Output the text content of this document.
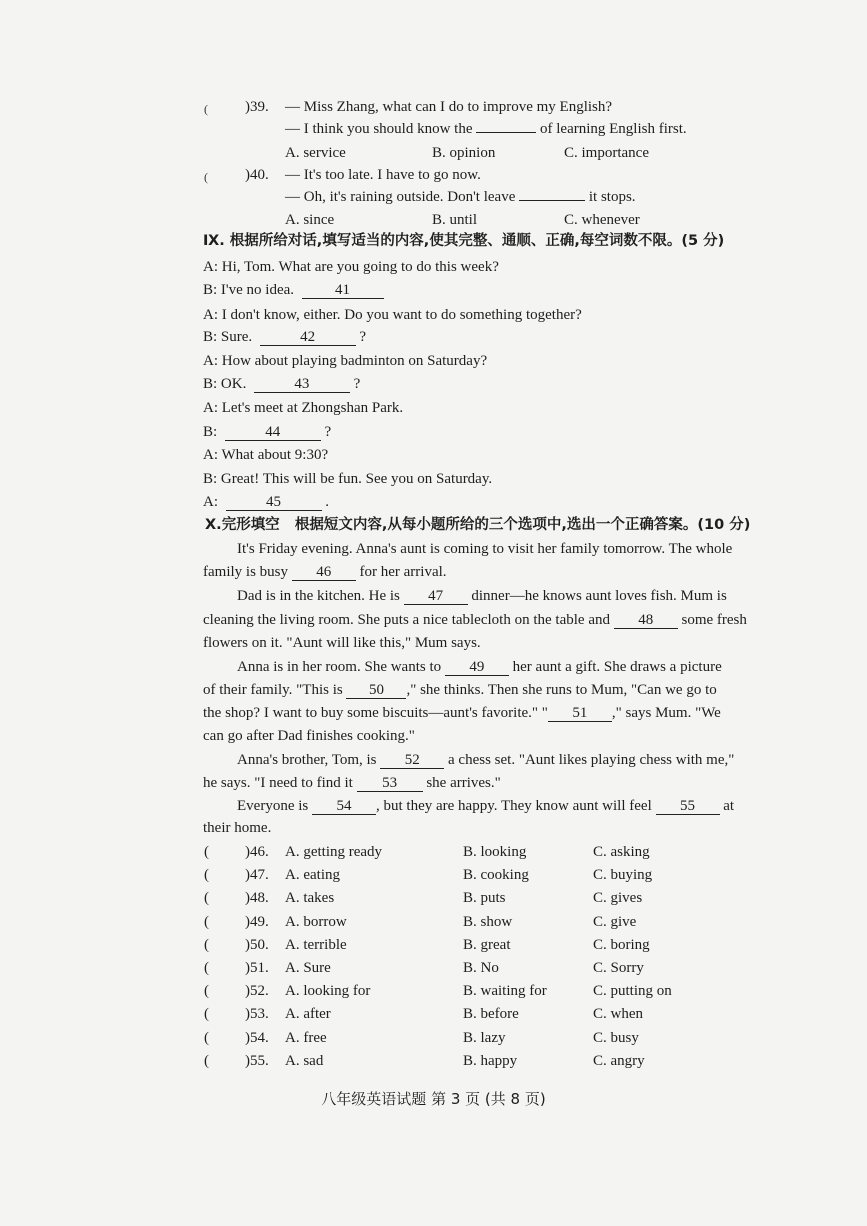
( )39. — Miss Zhang, what can I do to improve my English?
— I think you should know the	of learning English first.
A. service	B. opinion	C. importance
( )40. — It's too late. I have to go now.
— Oh, it's raining outside. Don't leave	it stops.
A. since	B. until	C. whenever
Ⅸ. 根据所给对话,填写适当的内容,使其完整、通顺、正确,每空词数不限。(5 分)
A: Hi, Tom. What are you going to do this week?
B: I've no idea.	41
A: I don't know, either. Do you want to do something together?
B: Sure.	42	?
A: How about playing badminton on Saturday?
B: OK.	43	?
A: Let's meet at Zhongshan Park.
B:	44	?
A: What about 9:30?
B: Great! This will be fun. See you on Saturday.
A:	45	.
X.完形填空 根据短文内容,从每小题所给的三个选项中,选出一个正确答案。(10 分)
It's Friday evening. Anna's aunt is coming to visit her family tomorrow. The whole
family is busy 46 for her arrival.
Dad is in the kitchen. He is 47 dinner—he knows aunt loves fish. Mum is
cleaning the living room. She puts a nice tablecloth on the table and 48 some fresh
flowers on it. "Aunt will like this," Mum says.
Anna is in her room. She wants to 49 her aunt a gift. She draws a picture
of their family. "This is 50 ," she thinks. Then she runs to Mum, "Can we go to
the shop? I want to buy some biscuits—aunt's favorite." " 51 ," says Mum. "We
can go after Dad finishes cooking."
Anna's brother, Tom, is 52 a chess set. "Aunt likes playing chess with me,"
he says. "I need to find it 53 she arrives."
Everyone is 54 , but they are happy. They know aunt will feel 55 at
their home.
( )46. A. getting ready	B. looking	C. asking
( )47. A. eating	B. cooking	C. buying
( )48. A. takes	B. puts	C. gives
( )49. A. borrow	B. show	C. give
( )50. A. terrible	B. great	C. boring
( )51. A. Sure	B. No	C. Sorry
( )52. A. looking for	B. waiting for	C. putting on
( )53. A. after	B. before	C. when
( )54. A. free	B. lazy	C. busy
( )55. A. sad	B. happy	C. angry
八年级英语试题 第 3 页 (共 8 页)
